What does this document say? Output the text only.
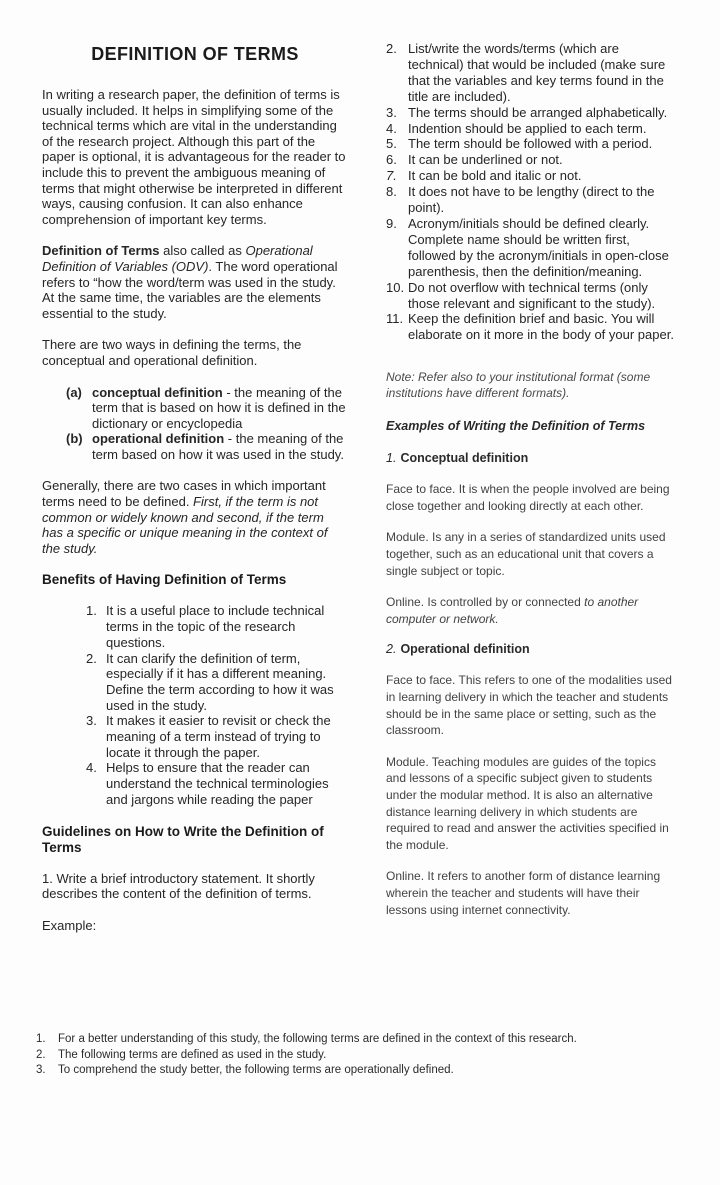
DEFINITION OF TERMS

In writing a research paper, the definition of terms is usually included. It helps in simplifying some of the technical terms which are vital in the understanding of the research project. Although this part of the paper is optional, it is advantageous for the reader to include this to prevent the ambiguous meaning of terms that might otherwise be interpreted in different ways, causing confusion. It can also enhance comprehension of important key terms.

Definition of Terms also called as Operational Definition of Variables (ODV). The word operational refers to “how the word/term was used in the study. At the same time, the variables are the elements essential to the study.

There are two ways in defining the terms, the conceptual and operational definition.

(a) conceptual definition - the meaning of the term that is based on how it is defined in the dictionary or encyclopedia
(b) operational definition - the meaning of the term based on how it was used in the study.

Generally, there are two cases in which important terms need to be defined. First, if the term is not common or widely known and second, if the term has a specific or unique meaning in the context of the study.

Benefits of Having Definition of Terms
1. It is a useful place to include technical terms in the topic of the research questions.
2. It can clarify the definition of term, especially if it has a different meaning. Define the term according to how it was used in the study.
3. It makes it easier to revisit or check the meaning of a term instead of trying to locate it through the paper.
4. Helps to ensure that the reader can understand the technical terminologies and jargons while reading the paper
Guidelines on How to Write the Definition of Terms

1. Write a brief introductory statement. It shortly describes the content of the definition of terms.

Example:

2. List/write the words/terms (which are technical) that would be included (make sure that the variables and key terms found in the title are included).
3. The terms should be arranged alphabetically.
4. Indention should be applied to each term.
5. The term should be followed with a period.
6. It can be underlined or not.
7. It can be bold and italic or not.
8. It does not have to be lengthy (direct to the point).
9. Acronym/initials should be defined clearly. Complete name should be written first, followed by the acronym/initials in open-close parenthesis, then the definition/meaning.
10. Do not overflow with technical terms (only those relevant and significant to the study).
11. Keep the definition brief and basic. You will elaborate on it more in the body of your paper.

Note: Refer also to your institutional format (some institutions have different formats).

Examples of Writing the Definition of Terms
1. Conceptual definition

Face to face. It is when the people involved are being close together and looking directly at each other.

Module. Is any in a series of standardized units used together, such as an educational unit that covers a single subject or topic.

Online. Is controlled by or connected to another computer or network.

2. Operational definition

Face to face. This refers to one of the modalities used in learning delivery in which the teacher and students should be in the same place or setting, such as the classroom.

Module. Teaching modules are guides of the topics and lessons of a specific subject given to students under the modular method. It is also an alternative distance learning delivery in which students are required to read and answer the activities specified in the module.

Online. It refers to another form of distance learning wherein the teacher and students will have their lessons using internet connectivity.

1.	For a better understanding of this study, the following terms are defined in the context of this research.
2.	The following terms are defined as used in the study.
3.	To comprehend the study better, the following terms are operationally defined.
